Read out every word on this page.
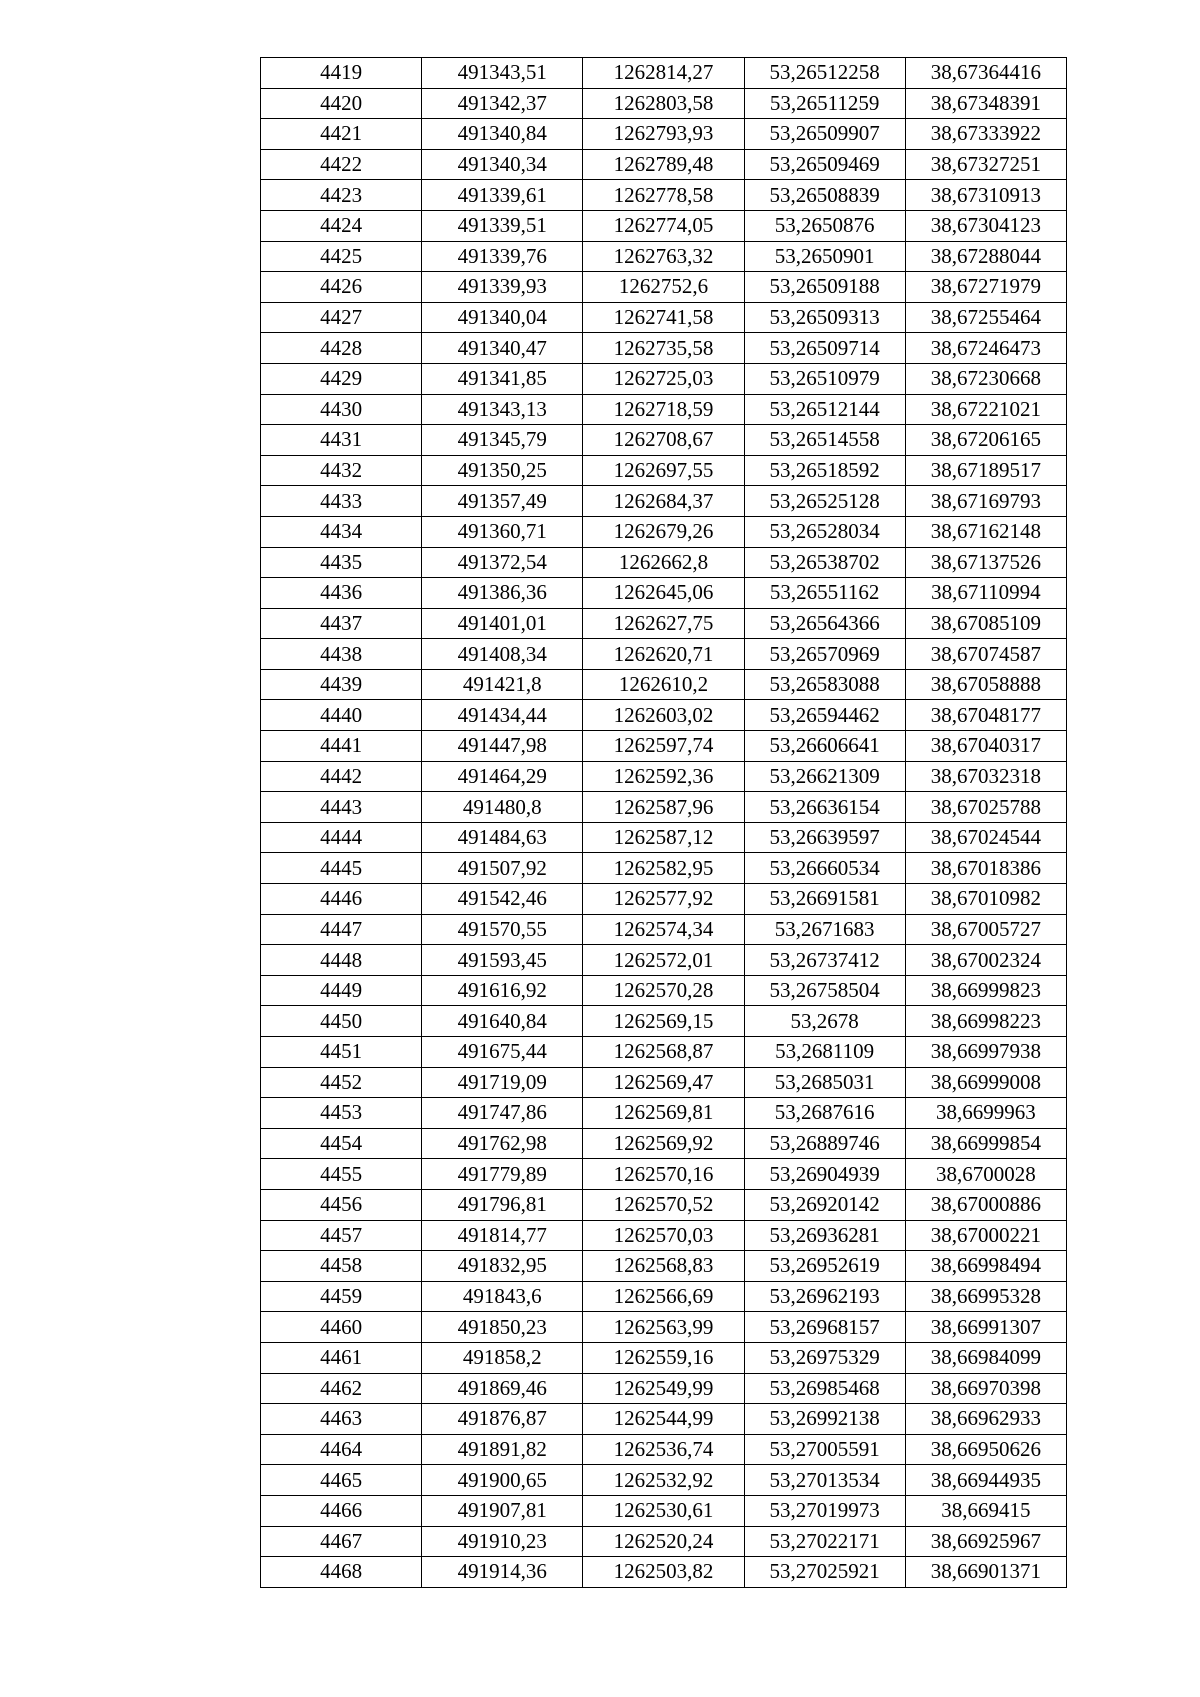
4419	491343,51	1262814,27	53,26512258	38,67364416
4420	491342,37	1262803,58	53,26511259	38,67348391
4421	491340,84	1262793,93	53,26509907	38,67333922
4422	491340,34	1262789,48	53,26509469	38,67327251
4423	491339,61	1262778,58	53,26508839	38,67310913
4424	491339,51	1262774,05	53,2650876	38,67304123
4425	491339,76	1262763,32	53,2650901	38,67288044
4426	491339,93	1262752,6	53,26509188	38,67271979
4427	491340,04	1262741,58	53,26509313	38,67255464
4428	491340,47	1262735,58	53,26509714	38,67246473
4429	491341,85	1262725,03	53,26510979	38,67230668
4430	491343,13	1262718,59	53,26512144	38,67221021
4431	491345,79	1262708,67	53,26514558	38,67206165
4432	491350,25	1262697,55	53,26518592	38,67189517
4433	491357,49	1262684,37	53,26525128	38,67169793
4434	491360,71	1262679,26	53,26528034	38,67162148
4435	491372,54	1262662,8	53,26538702	38,67137526
4436	491386,36	1262645,06	53,26551162	38,67110994
4437	491401,01	1262627,75	53,26564366	38,67085109
4438	491408,34	1262620,71	53,26570969	38,67074587
4439	491421,8	1262610,2	53,26583088	38,67058888
4440	491434,44	1262603,02	53,26594462	38,67048177
4441	491447,98	1262597,74	53,26606641	38,67040317
4442	491464,29	1262592,36	53,26621309	38,67032318
4443	491480,8	1262587,96	53,26636154	38,67025788
4444	491484,63	1262587,12	53,26639597	38,67024544
4445	491507,92	1262582,95	53,26660534	38,67018386
4446	491542,46	1262577,92	53,26691581	38,67010982
4447	491570,55	1262574,34	53,2671683	38,67005727
4448	491593,45	1262572,01	53,26737412	38,67002324
4449	491616,92	1262570,28	53,26758504	38,66999823
4450	491640,84	1262569,15	53,2678	38,66998223
4451	491675,44	1262568,87	53,2681109	38,66997938
4452	491719,09	1262569,47	53,2685031	38,66999008
4453	491747,86	1262569,81	53,2687616	38,6699963
4454	491762,98	1262569,92	53,26889746	38,66999854
4455	491779,89	1262570,16	53,26904939	38,6700028
4456	491796,81	1262570,52	53,26920142	38,67000886
4457	491814,77	1262570,03	53,26936281	38,67000221
4458	491832,95	1262568,83	53,26952619	38,66998494
4459	491843,6	1262566,69	53,26962193	38,66995328
4460	491850,23	1262563,99	53,26968157	38,66991307
4461	491858,2	1262559,16	53,26975329	38,66984099
4462	491869,46	1262549,99	53,26985468	38,66970398
4463	491876,87	1262544,99	53,26992138	38,66962933
4464	491891,82	1262536,74	53,27005591	38,66950626
4465	491900,65	1262532,92	53,27013534	38,66944935
4466	491907,81	1262530,61	53,27019973	38,669415
4467	491910,23	1262520,24	53,27022171	38,66925967
4468	491914,36	1262503,82	53,27025921	38,66901371
